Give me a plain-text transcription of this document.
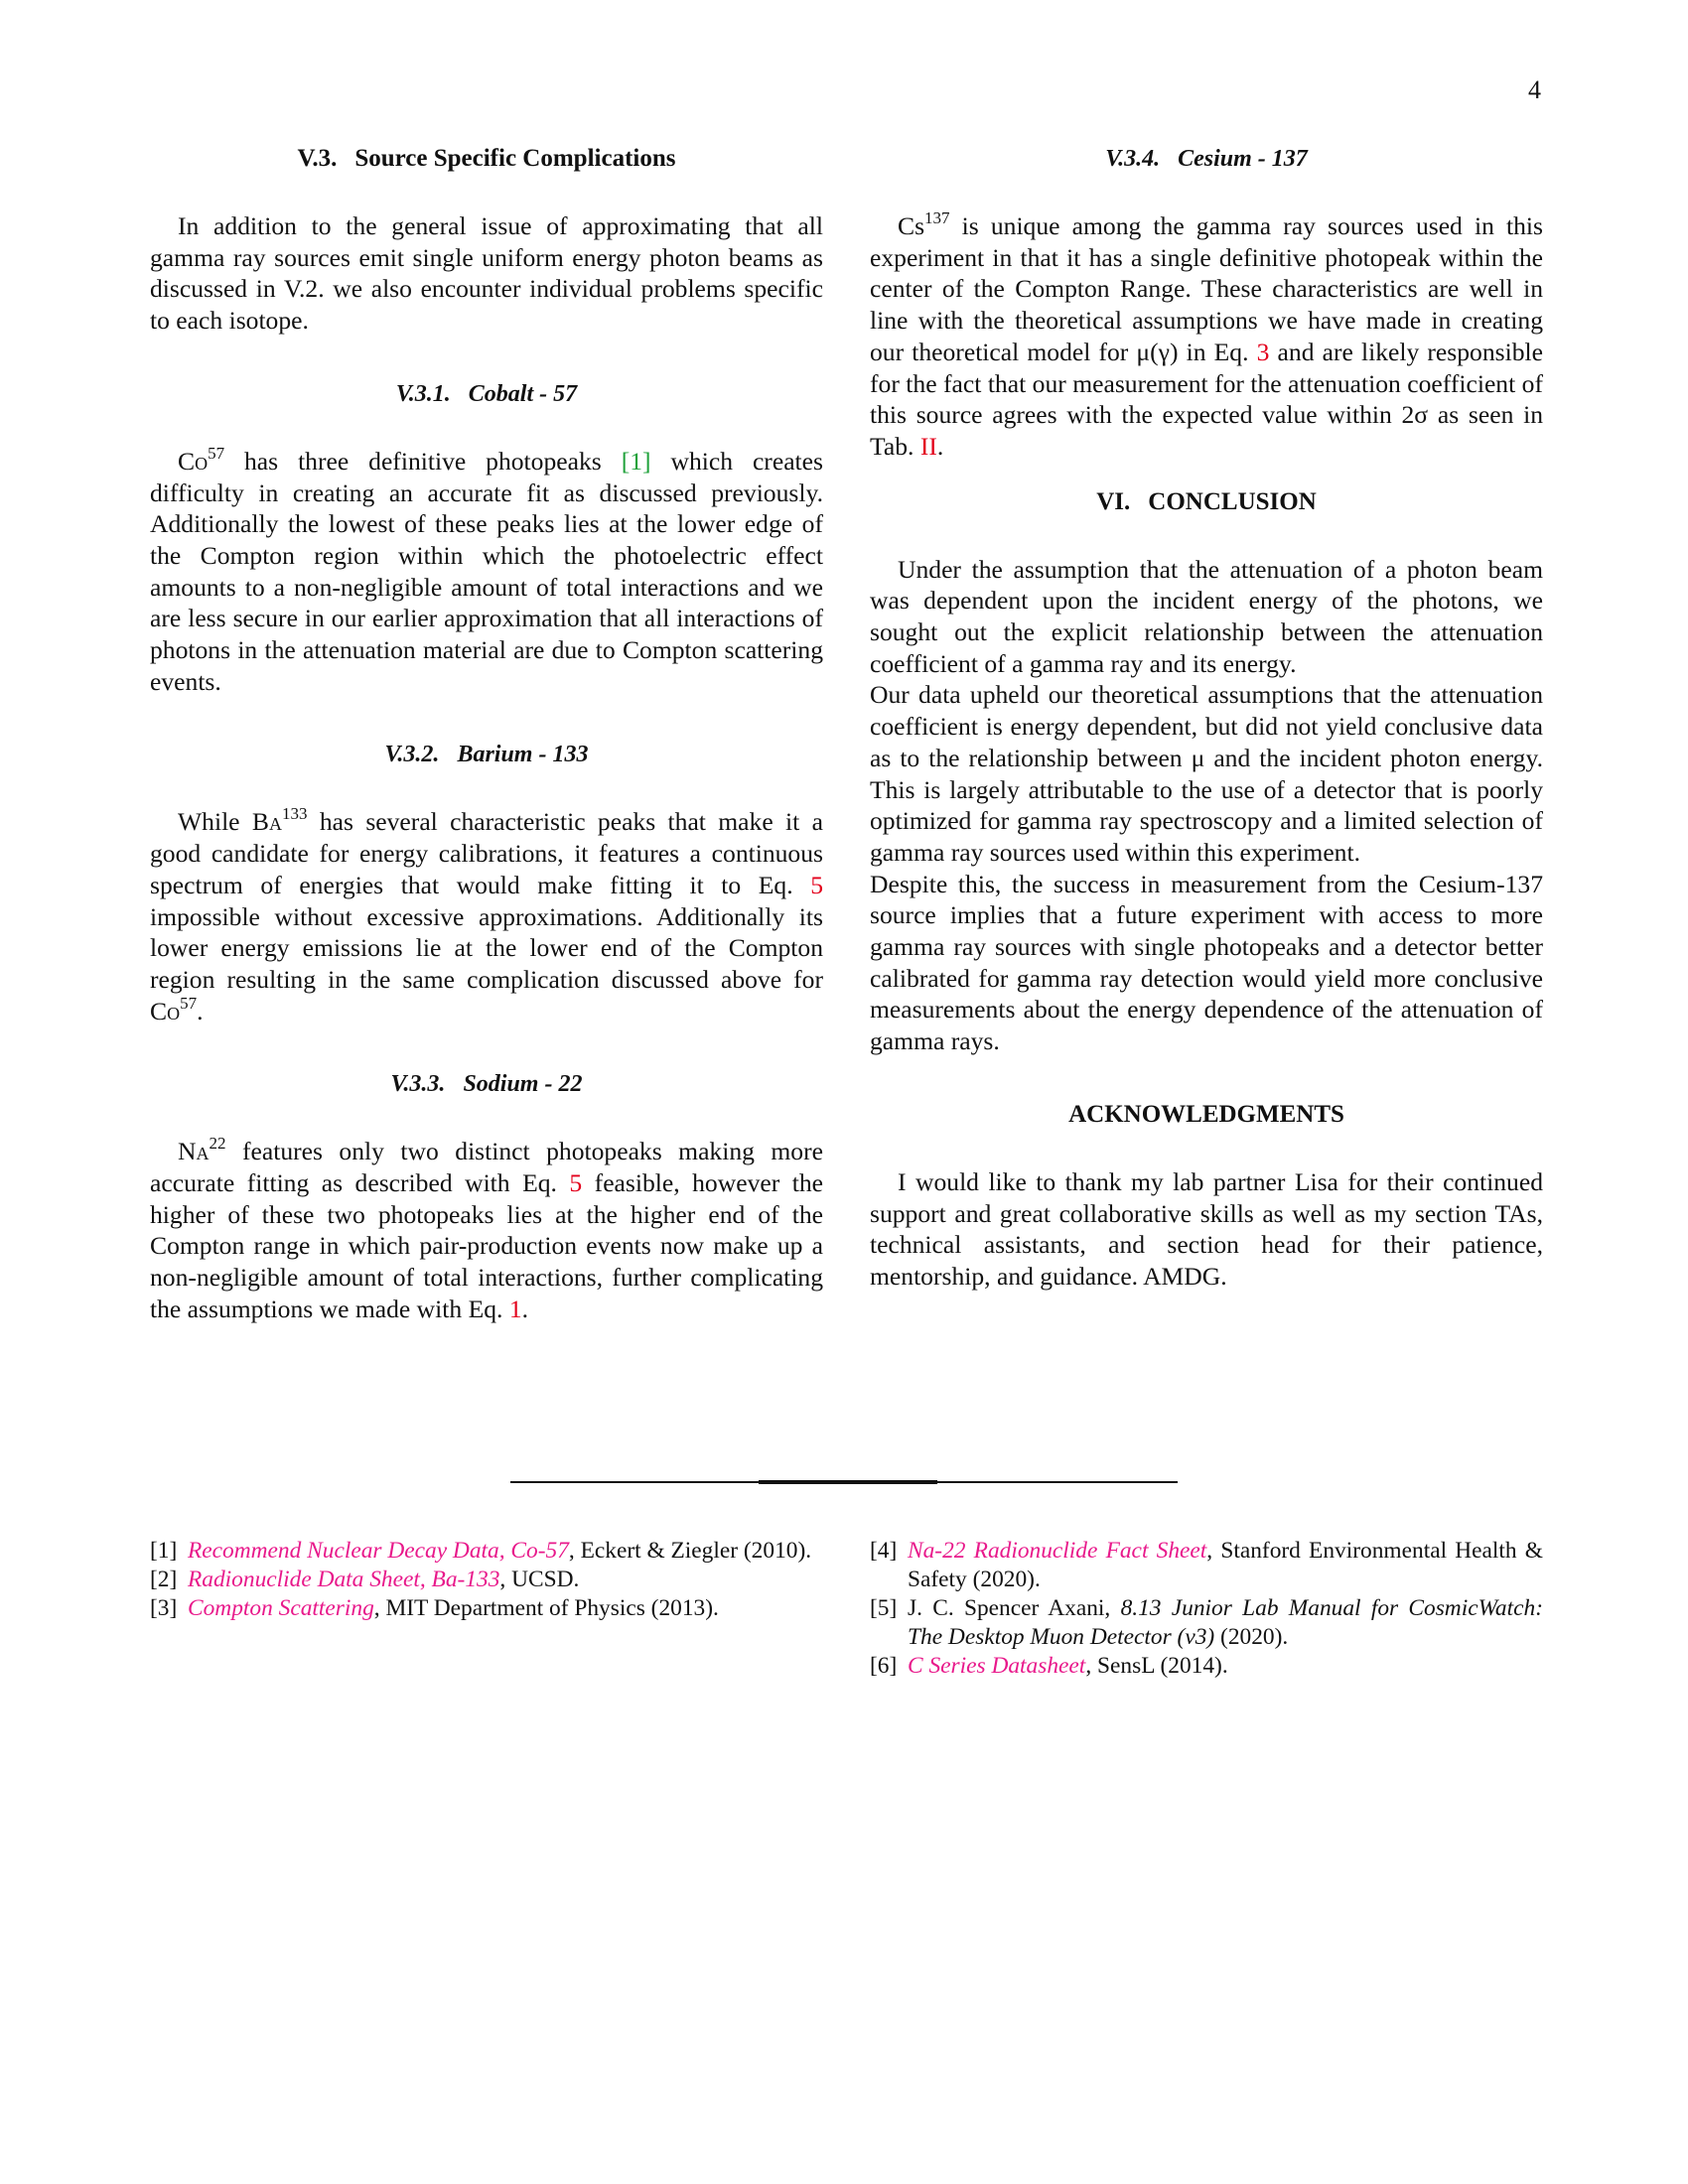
4
V.3. Source Specific Complications

In addition to the general issue of approximating that all gamma ray sources emit single uniform energy photon beams as discussed in V.2. we also encounter individual problems specific to each isotope.

V.3.1. Cobalt - 57

Co$^{57}$ has three definitive photopeaks [1] which creates difficulty in creating an accurate fit as discussed previously. Additionally the lowest of these peaks lies at the lower edge of the Compton region within which the photoelectric effect amounts to a non-negligible amount of total interactions and we are less secure in our earlier approximation that all interactions of photons in the attenuation material are due to Compton scattering events.

V.3.2. Barium - 133

While Ba$^{133}$ has several characteristic peaks that make it a good candidate for energy calibrations, it features a continuous spectrum of energies that would make fitting it to Eq. 5 impossible without excessive approximations. Additionally its lower energy emissions lie at the lower end of the Compton region resulting in the same complication discussed above for Co$^{57}$.

V.3.3. Sodium - 22

Na$^{22}$ features only two distinct photopeaks making more accurate fitting as described with Eq. 5 feasible, however the higher of these two photopeaks lies at the higher end of the Compton range in which pair-production events now make up a non-negligible amount of total interactions, further complicating the assumptions we made with Eq. 1.

V.3.4. Cesium - 137

Cs$^{137}$ is unique among the gamma ray sources used in this experiment in that it has a single definitive photopeak within the center of the Compton Range. These characteristics are well in line with the theoretical assumptions we have made in creating our theoretical model for μ(γ) in Eq. 3 and are likely responsible for the fact that our measurement for the attenuation coefficient of this source agrees with the expected value within 2σ as seen in Tab. II.

VI. CONCLUSION

Under the assumption that the attenuation of a photon beam was dependent upon the incident energy of the photons, we sought out the explicit relationship between the attenuation coefficient of a gamma ray and its energy.

Our data upheld our theoretical assumptions that the attenuation coefficient is energy dependent, but did not yield conclusive data as to the relationship between μ and the incident photon energy. This is largely attributable to the use of a detector that is poorly optimized for gamma ray spectroscopy and a limited selection of gamma ray sources used within this experiment.

Despite this, the success in measurement from the Cesium-137 source implies that a future experiment with access to more gamma ray sources with single photopeaks and a detector better calibrated for gamma ray detection would yield more conclusive measurements about the energy dependence of the attenuation of gamma rays.

ACKNOWLEDGMENTS

I would like to thank my lab partner Lisa for their continued support and great collaborative skills as well as my section TAs, technical assistants, and section head for their patience, mentorship, and guidance. AMDG.

[1] Recommend Nuclear Decay Data, Co-57, Eckert & Ziegler (2010).
[2] Radionuclide Data Sheet, Ba-133, UCSD.
[3] Compton Scattering, MIT Department of Physics (2013).
[4] Na-22 Radionuclide Fact Sheet, Stanford Environmental Health & Safety (2020).
[5] J. C. Spencer Axani, 8.13 Junior Lab Manual for CosmicWatch: The Desktop Muon Detector (v3) (2020).
[6] C Series Datasheet, SensL (2014).
